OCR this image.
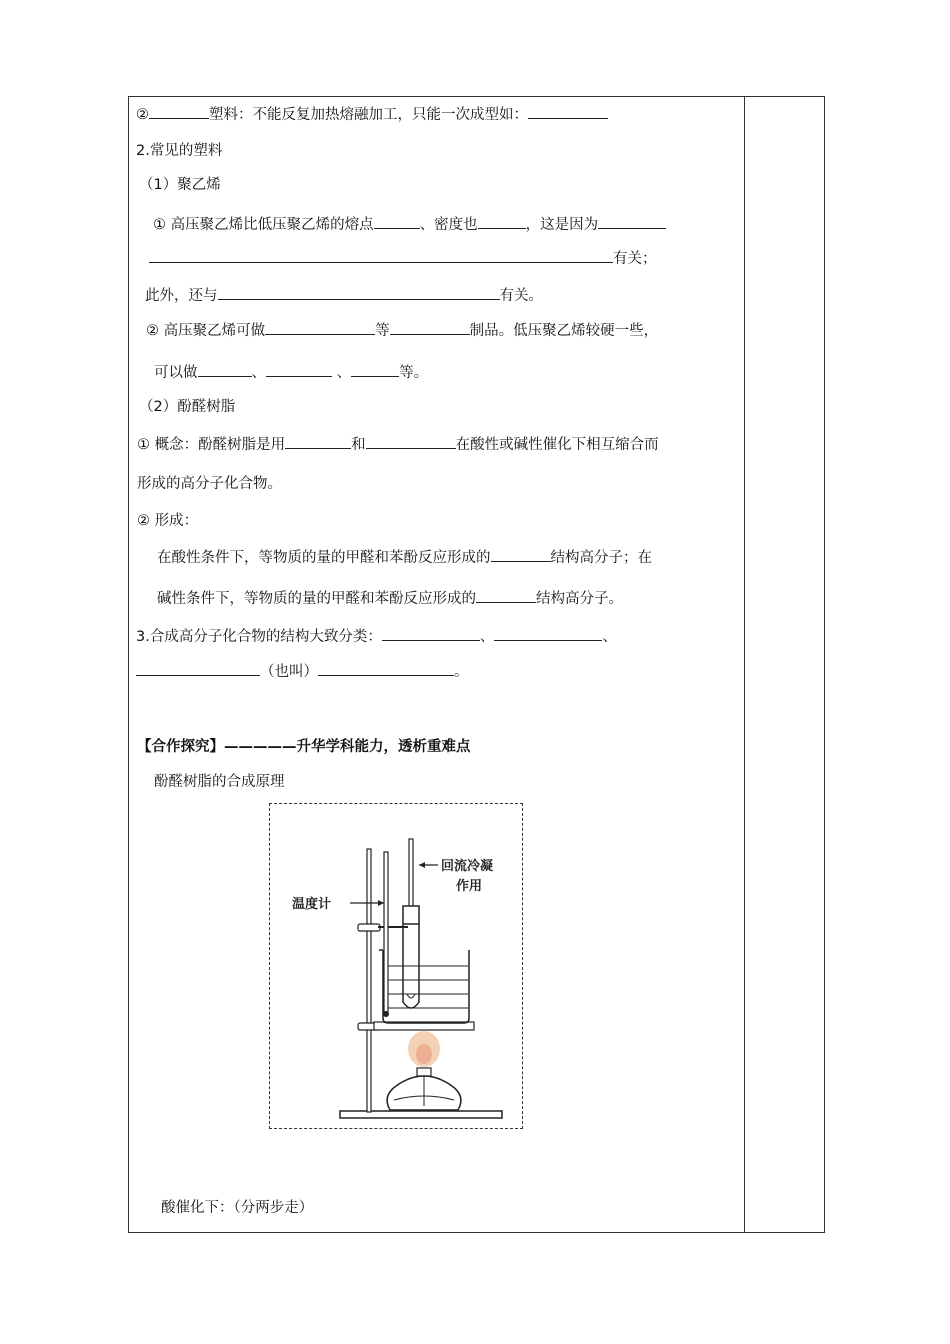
②	塑料：不能反复加热熔融加工，只能一次成型如：
2.常见的塑料
（1）聚乙烯
① 高压聚乙烯比低压聚乙烯的熔点	、密度也	，这是因为
有关；
此外，还与	有关。
② 高压聚乙烯可做	等	制品。低压聚乙烯较硬一些，
可以做	、	、	等。
（2）酚醛树脂
① 概念：酚醛树脂是用	和	在酸性或碱性催化下相互缩合而
形成的高分子化合物。
② 形成：
在酸性条件下，等物质的量的甲醛和苯酚反应形成的	结构高分子；在
碱性条件下，等物质的量的甲醛和苯酚反应形成的	结构高分子。
3.合成高分子化合物的结构大致分类：	、	、
（也叫）	。
【合作探究】—————升华学科能力，透析重难点
酚醛树脂的合成原理
回流冷凝
作用
温度计
酸催化下：（分两步走）
